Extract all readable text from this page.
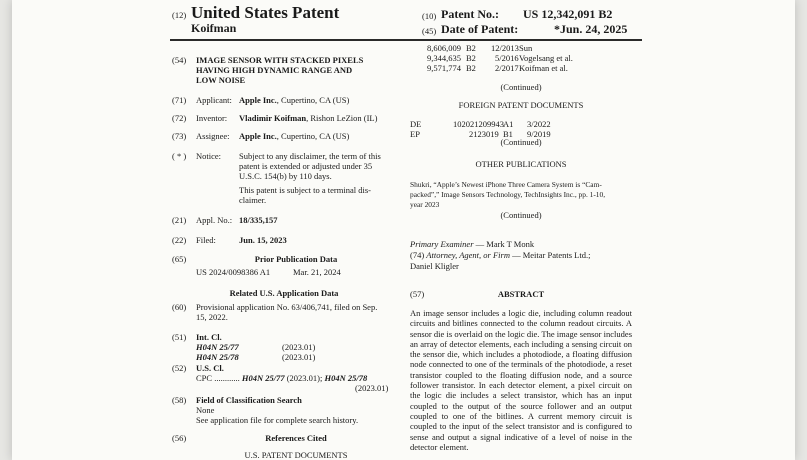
(12) United States Patent
Koifman
(10) Patent No.: US 12,342,091 B2
(45) Date of Patent:	*Jun. 24, 2025
(54) IMAGE SENSOR WITH STACKED PIXELS
HAVING HIGH DYNAMIC RANGE AND
LOW NOISE
(71) Applicant: Apple Inc., Cupertino, CA (US)
(72) Inventor: Vladimir Koifman, Rishon LeZion (IL)
(73) Assignee: Apple Inc., Cupertino, CA (US)
( * ) Notice: Subject to any disclaimer, the term of this
patent is extended or adjusted under 35
U.S.C. 154(b) by 110 days.
This patent is subject to a terminal dis-
claimer.
(21) Appl. No.: 18/335,157
(22) Filed:	Jun. 15, 2023
(65)	Prior Publication Data
US 2024/0098386 A1	Mar. 21, 2024
Related U.S. Application Data
(60) Provisional application No. 63/406,741, filed on Sep.
15, 2022.
(51) Int. Cl.
H04N 25/77	(2023.01)
H04N 25/78	(2023.01)
(52) U.S. Cl.
CPC ............ H04N 25/77 (2023.01); H04N 25/78
(2023.01)
(58) Field of Classification Search
None
See application file for complete search history.
(56)	References Cited
U.S. PATENT DOCUMENTS
8,606,009 B2 12/2013 Sun
9,344,635 B2 5/2016 Vogelsang et al.
9,571,774 B2 2/2017 Koifman et al.
(Continued)
FOREIGN PATENT DOCUMENTS
DE	102021209943 A1 3/2022
EP	2123019 B1 9/2019
(Continued)
OTHER PUBLICATIONS
Shukri, “Apple’s Newest iPhone Three Camera System is “Cam-
packed”,” Image Sensors Technology, TechInsights Inc., pp. 1-10,
year 2023
(Continued)
Primary Examiner — Mark T Monk
(74) Attorney, Agent, or Firm — Meitar Patents Ltd.;
Daniel Kligler
(57)	ABSTRACT
An image sensor includes a logic die, including column readout circuits and bitlines connected to the column readout circuits. A sensor die is overlaid on the logic die. The image sensor includes an array of detector elements, each including a sensing circuit on the sensor die, which includes a photodiode, a floating diffusion node connected to one of the terminals of the photodiode, a reset transistor coupled to the floating diffusion node, and a source follower transistor. In each detector element, a pixel circuit on the logic die includes a select transistor, which has an input coupled to the output of the source follower and an output coupled to one of the bitlines. A current memory circuit is coupled to the input of the select transistor and is configured to sense and output a signal indicative of a level of noise in the detector element.
